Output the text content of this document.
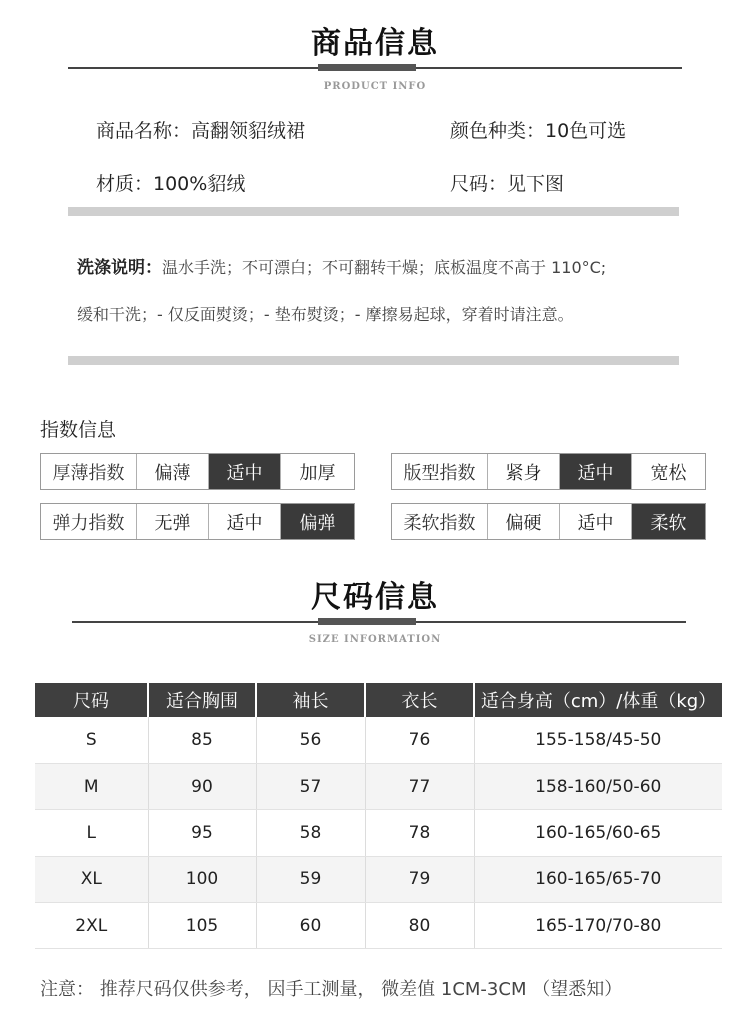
商品信息
PRODUCT INFO
商品名称：高翻领貂绒裙	颜色种类：10色可选
材质：100%貂绒	尺码：见下图
洗涤说明：温水手洗；不可漂白；不可翻转干燥；底板温度不高于 110°C;
缓和干洗；- 仅反面熨烫；- 垫布熨烫；- 摩擦易起球，穿着时请注意。
指数信息
厚薄指数	偏薄	适中	加厚	版型指数	紧身	适中	宽松
弹力指数	无弹	适中	偏弹	柔软指数	偏硬	适中	柔软
尺码信息
SIZE INFORMATION
尺码	适合胸围	袖长	衣长	适合身高（cm）/体重（kg）
S	85	56	76	155-158/45-50
M	90	57	77	158-160/50-60
L	95	58	78	160-165/60-65
XL	100	59	79	160-165/65-70
2XL	105	60	80	165-170/70-80
注意： 推荐尺码仅供参考， 因手工测量， 微差值 1CM-3CM （望悉知）
